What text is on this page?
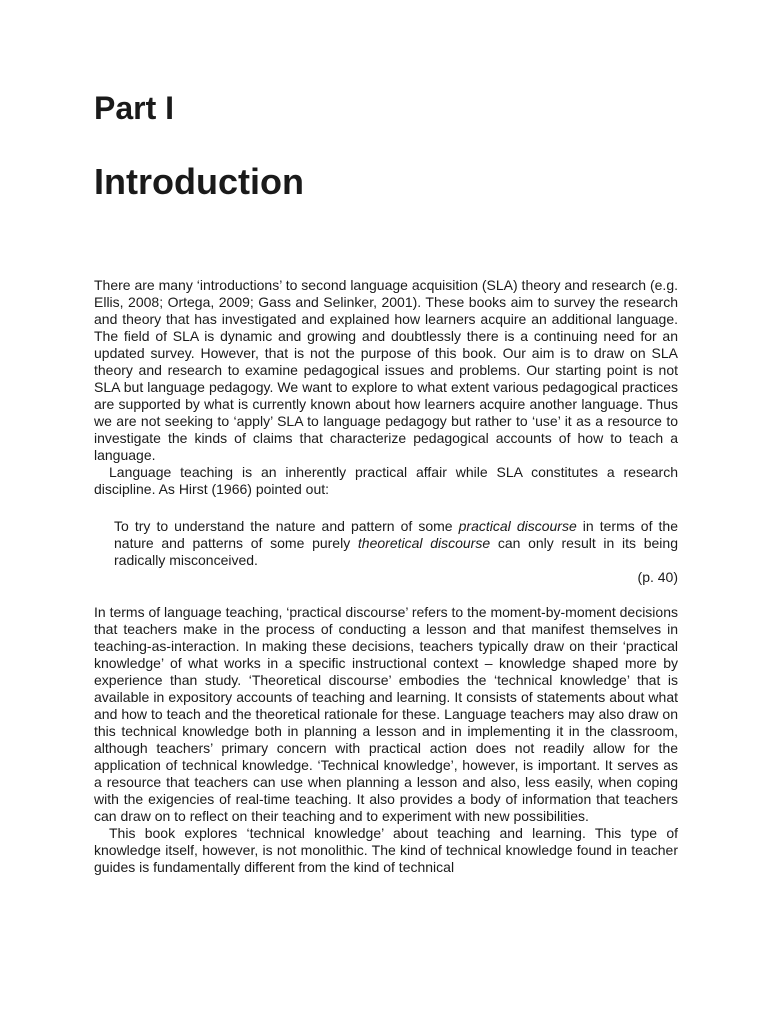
Part I
Introduction

There are many ‘introductions’ to second language acquisition (SLA) theory and research (e.g. Ellis, 2008; Ortega, 2009; Gass and Selinker, 2001). These books aim to survey the research and theory that has investigated and explained how learners acquire an additional language. The field of SLA is dynamic and growing and doubtlessly there is a continuing need for an updated survey. However, that is not the purpose of this book. Our aim is to draw on SLA theory and research to examine pedagogical issues and problems. Our starting point is not SLA but language pedagogy. We want to explore to what extent various pedagogical practices are supported by what is currently known about how learners acquire another language. Thus we are not seeking to ‘apply’ SLA to language pedagogy but rather to ‘use’ it as a resource to investigate the kinds of claims that characterize pedagogical accounts of how to teach a language.

Language teaching is an inherently practical affair while SLA constitutes a research discipline. As Hirst (1966) pointed out:

To try to understand the nature and pattern of some practical discourse in terms of the nature and patterns of some purely theoretical discourse can only result in its being radically misconceived.

(p. 40)

In terms of language teaching, ‘practical discourse’ refers to the moment-by-moment decisions that teachers make in the process of conducting a lesson and that manifest themselves in teaching-as-interaction. In making these decisions, teachers typically draw on their ‘practical knowledge’ of what works in a specific instructional context – knowledge shaped more by experience than study. ‘Theoretical discourse’ embodies the ‘technical knowledge’ that is available in expository accounts of teaching and learning. It consists of statements about what and how to teach and the theoretical rationale for these. Language teachers may also draw on this technical knowledge both in planning a lesson and in implementing it in the classroom, although teachers’ primary concern with practical action does not readily allow for the application of technical knowledge. ‘Technical knowledge’, however, is important. It serves as a resource that teachers can use when planning a lesson and also, less easily, when coping with the exigencies of real-time teaching. It also provides a body of information that teachers can draw on to reflect on their teaching and to experiment with new possibilities.

This book explores ‘technical knowledge’ about teaching and learning. This type of knowledge itself, however, is not monolithic. The kind of technical knowledge found in teacher guides is fundamentally different from the kind of technical
